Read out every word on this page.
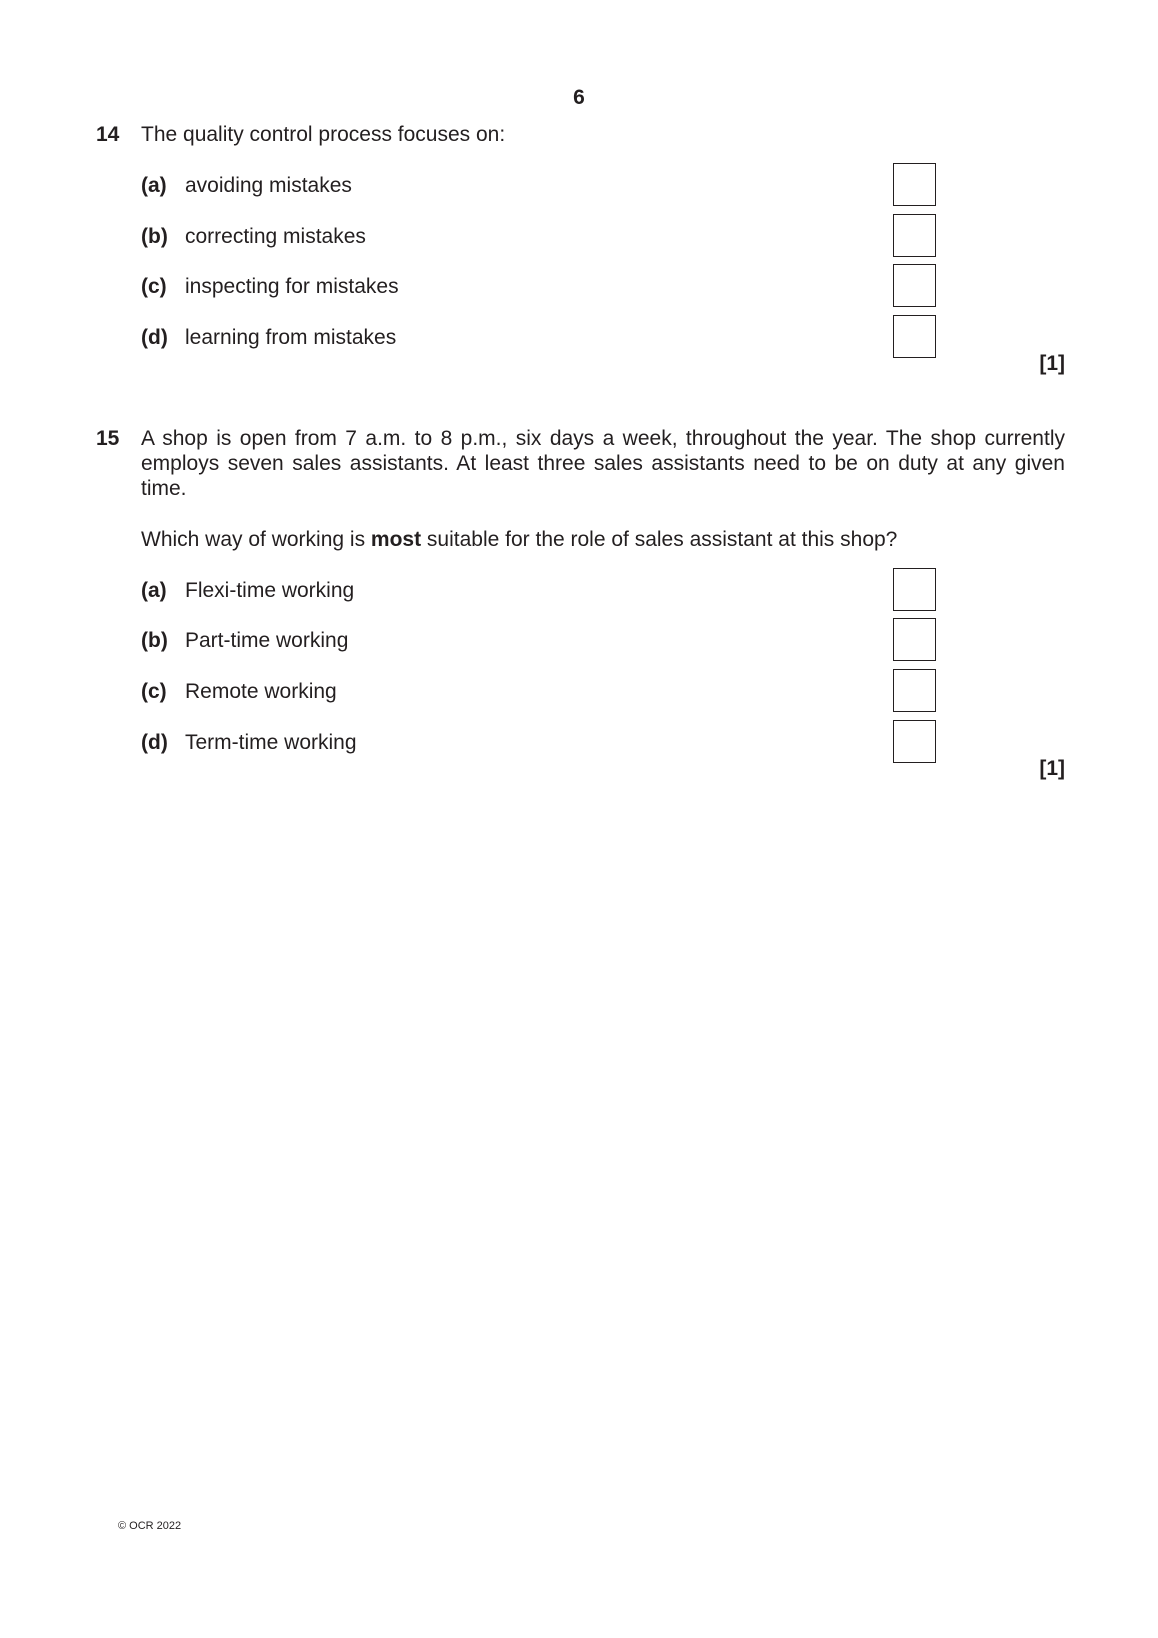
6
14 The quality control process focuses on:
(a) avoiding mistakes
(b) correcting mistakes
(c) inspecting for mistakes
(d) learning from mistakes
[1]
15 A shop is open from 7 a.m. to 8 p.m., six days a week, throughout the year. The shop currently employs seven sales assistants. At least three sales assistants need to be on duty at any given time.
Which way of working is most suitable for the role of sales assistant at this shop?
(a) Flexi-time working
(b) Part-time working
(c) Remote working
(d) Term-time working
[1]
© OCR 2022
